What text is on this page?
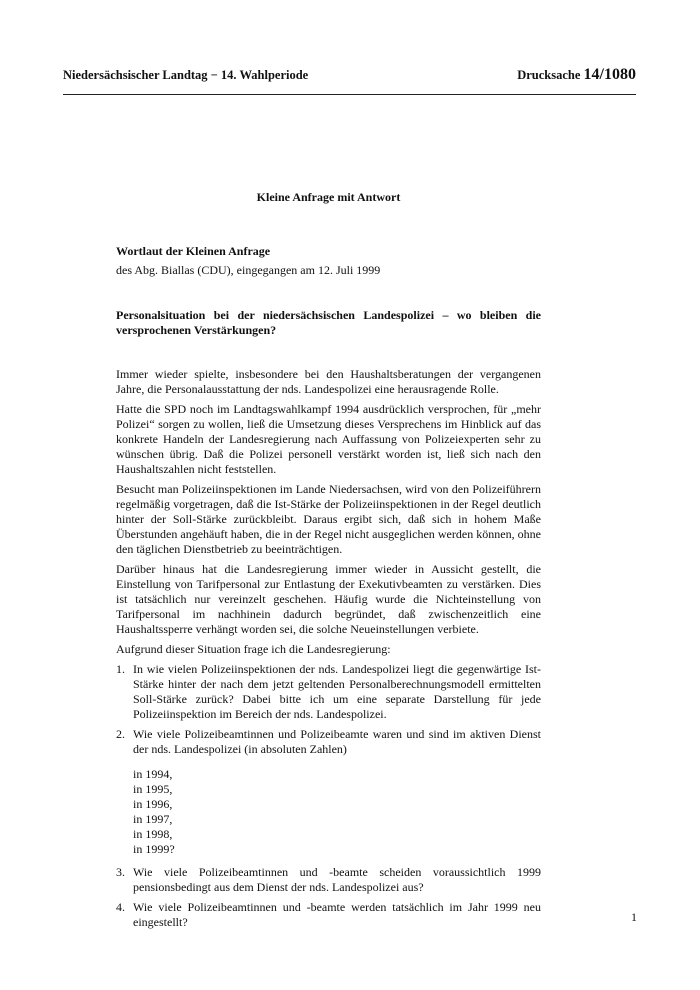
Niedersächsischer Landtag − 14. Wahlperiode	Drucksache 14/1080

Kleine Anfrage mit Antwort

Wortlaut der Kleinen Anfrage

des Abg. Biallas (CDU), eingegangen am 12. Juli 1999

Personalsituation bei der niedersächsischen Landespolizei – wo bleiben die versprochenen Verstärkungen?

Immer wieder spielte, insbesondere bei den Haushaltsberatungen der vergangenen Jahre, die Personalausstattung der nds. Landespolizei eine herausragende Rolle.

Hatte die SPD noch im Landtagswahlkampf 1994 ausdrücklich versprochen, für „mehr Polizei“ sorgen zu wollen, ließ die Umsetzung dieses Versprechens im Hinblick auf das konkrete Handeln der Landesregierung nach Auffassung von Polizeiexperten sehr zu wünschen übrig. Daß die Polizei personell verstärkt worden ist, ließ sich nach den Haushaltszahlen nicht feststellen.

Besucht man Polizeiinspektionen im Lande Niedersachsen, wird von den Polizeiführern regelmäßig vorgetragen, daß die Ist-Stärke der Polizeiinspektionen in der Regel deutlich hinter der Soll-Stärke zurückbleibt. Daraus ergibt sich, daß sich in hohem Maße Überstunden angehäuft haben, die in der Regel nicht ausgeglichen werden können, ohne den täglichen Dienstbetrieb zu beeinträchtigen.

Darüber hinaus hat die Landesregierung immer wieder in Aussicht gestellt, die Einstellung von Tarifpersonal zur Entlastung der Exekutivbeamten zu verstärken. Dies ist tatsächlich nur vereinzelt geschehen. Häufig wurde die Nichteinstellung von Tarifpersonal im nachhinein dadurch begründet, daß zwischenzeitlich eine Haushaltssperre verhängt worden sei, die solche Neueinstellungen verbiete.

Aufgrund dieser Situation frage ich die Landesregierung:

1. In wie vielen Polizeiinspektionen der nds. Landespolizei liegt die gegenwärtige Ist-Stärke hinter der nach dem jetzt geltenden Personalberechnungsmodell ermittelten Soll-Stärke zurück? Dabei bitte ich um eine separate Darstellung für jede Polizeiinspektion im Bereich der nds. Landespolizei.
2. Wie viele Polizeibeamtinnen und Polizeibeamte waren und sind im aktiven Dienst der nds. Landespolizei (in absoluten Zahlen)
in 1994,
in 1995,
in 1996,
in 1997,
in 1998,
in 1999?
3. Wie viele Polizeibeamtinnen und -beamte scheiden voraussichtlich 1999 pensionsbedingt aus dem Dienst der nds. Landespolizei aus?
4. Wie viele Polizeibeamtinnen und -beamte werden tatsächlich im Jahr 1999 neu eingestellt?	1
